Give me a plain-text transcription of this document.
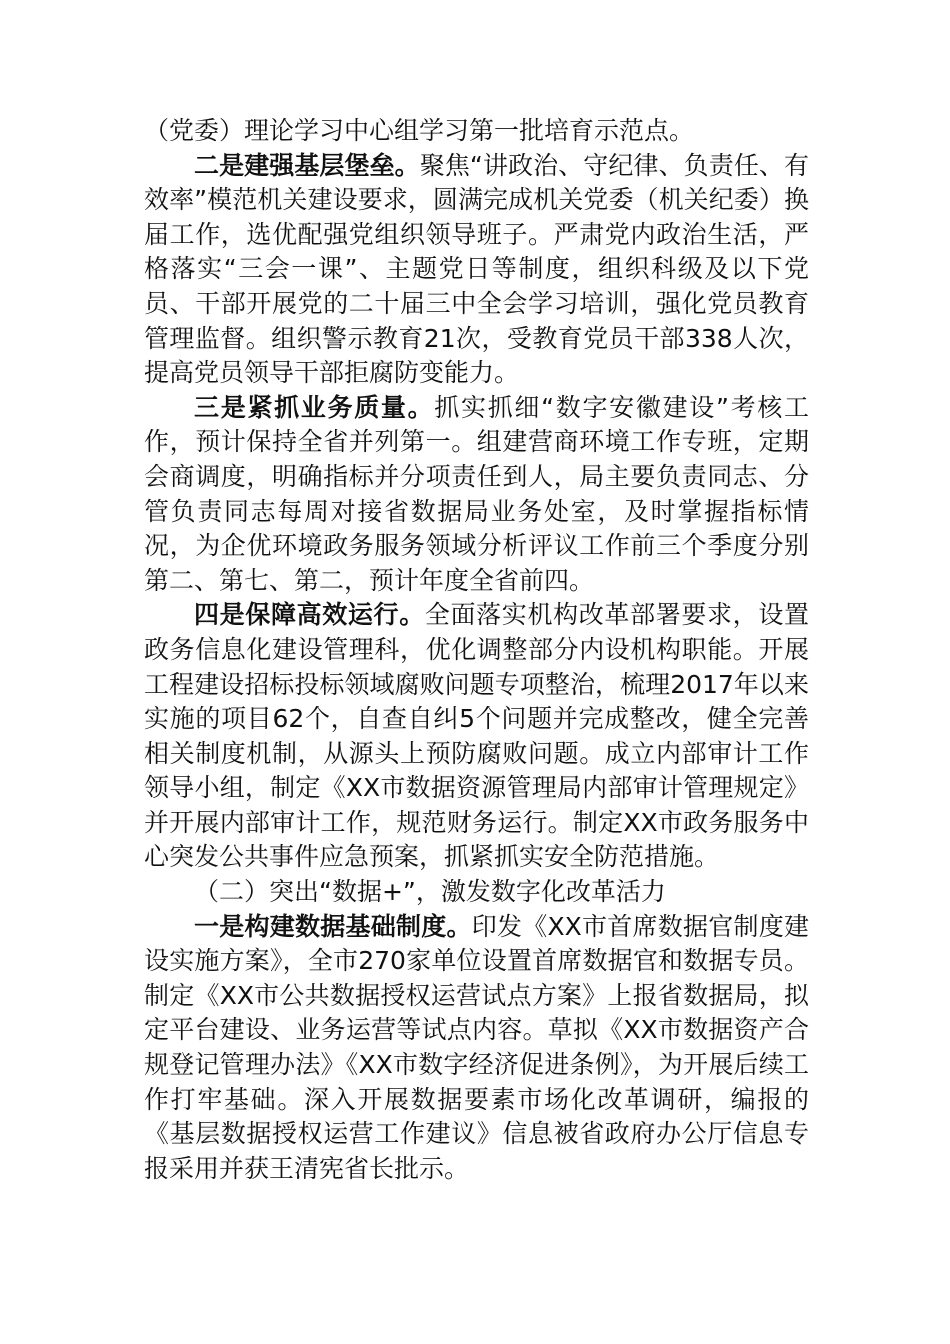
（党委）理论学习中心组学习第一批培育示范点。

二是建强基层堡垒。聚焦“讲政治、守纪律、负责任、有效率”模范机关建设要求，圆满完成机关党委（机关纪委）换届工作，选优配强党组织领导班子。严肃党内政治生活，严格落实“三会一课”、主题党日等制度，组织科级及以下党员、干部开展党的二十届三中全会学习培训，强化党员教育管理监督。组织警示教育21次，受教育党员干部338人次，提高党员领导干部拒腐防变能力。

三是紧抓业务质量。抓实抓细“数字安徽建设”考核工作，预计保持全省并列第一。组建营商环境工作专班，定期会商调度，明确指标并分项责任到人，局主要负责同志、分管负责同志每周对接省数据局业务处室，及时掌握指标情况，为企优环境政务服务领域分析评议工作前三个季度分别第二、第七、第二，预计年度全省前四。

四是保障高效运行。全面落实机构改革部署要求，设置政务信息化建设管理科，优化调整部分内设机构职能。开展工程建设招标投标领域腐败问题专项整治，梳理2017年以来实施的项目62个，自查自纠5个问题并完成整改，健全完善相关制度机制，从源头上预防腐败问题。成立内部审计工作领导小组，制定《XX市数据资源管理局内部审计管理规定》并开展内部审计工作，规范财务运行。制定XX市政务服务中心突发公共事件应急预案，抓紧抓实安全防范措施。

（二）突出“数据+”，激发数字化改革活力

一是构建数据基础制度。印发《XX市首席数据官制度建设实施方案》，全市270家单位设置首席数据官和数据专员。制定《XX市公共数据授权运营试点方案》上报省数据局，拟定平台建设、业务运营等试点内容。草拟《XX市数据资产合规登记管理办法》《XX市数字经济促进条例》，为开展后续工作打牢基础。深入开展数据要素市场化改革调研，编报的《基层数据授权运营工作建议》信息被省政府办公厅信息专报采用并获王清宪省长批示。
